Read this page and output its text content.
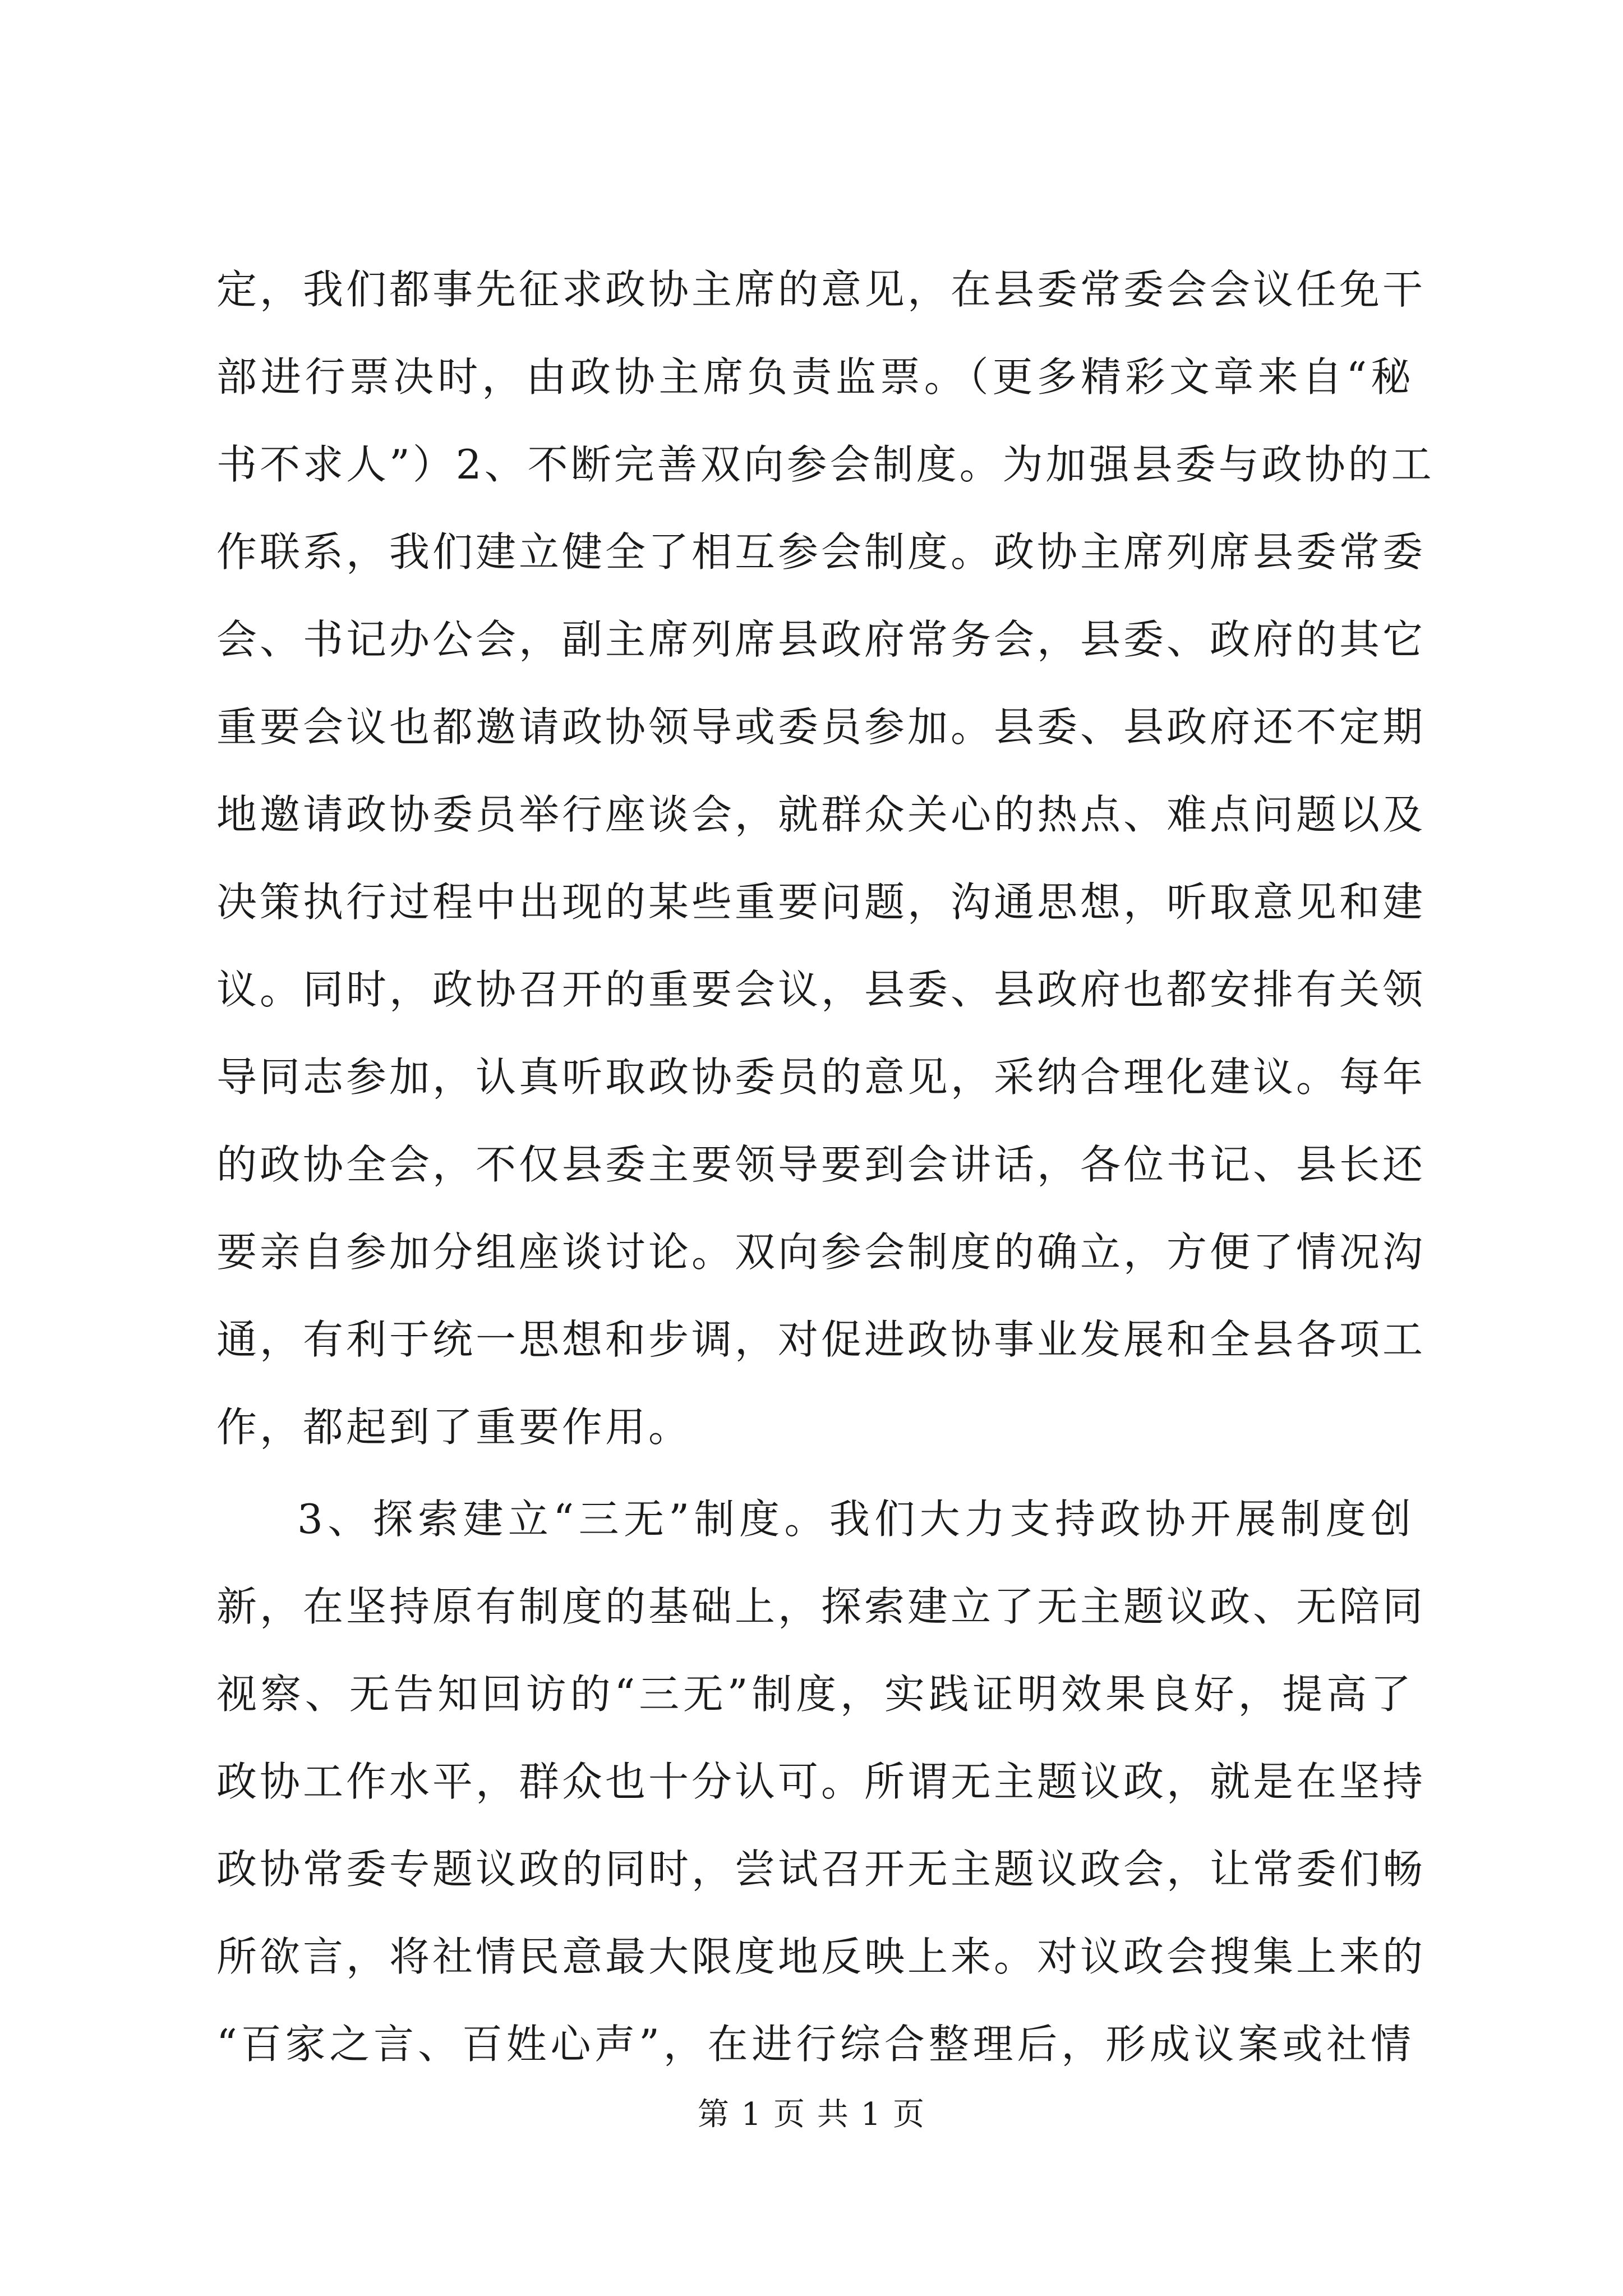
定，我们都事先征求政协主席的意见，在县委常委会会议任免干
部进行票决时，由政协主席负责监票。（更多精彩文章来自“秘
书不求人”）2、不断完善双向参会制度。为加强县委与政协的工
作联系，我们建立健全了相互参会制度。政协主席列席县委常委
会、书记办公会，副主席列席县政府常务会，县委、政府的其它
重要会议也都邀请政协领导或委员参加。县委、县政府还不定期
地邀请政协委员举行座谈会，就群众关心的热点、难点问题以及
决策执行过程中出现的某些重要问题，沟通思想，听取意见和建
议。同时，政协召开的重要会议，县委、县政府也都安排有关领
导同志参加，认真听取政协委员的意见，采纳合理化建议。每年
的政协全会，不仅县委主要领导要到会讲话，各位书记、县长还
要亲自参加分组座谈讨论。双向参会制度的确立，方便了情况沟
通，有利于统一思想和步调，对促进政协事业发展和全县各项工
作，都起到了重要作用。
3、探索建立“三无”制度。我们大力支持政协开展制度创
新，在坚持原有制度的基础上，探索建立了无主题议政、无陪同
视察、无告知回访的“三无”制度，实践证明效果良好，提高了
政协工作水平，群众也十分认可。所谓无主题议政，就是在坚持
政协常委专题议政的同时，尝试召开无主题议政会，让常委们畅
所欲言，将社情民意最大限度地反映上来。对议政会搜集上来的
“百家之言、百姓心声”，在进行综合整理后，形成议案或社情
第 1 页 共 1 页
